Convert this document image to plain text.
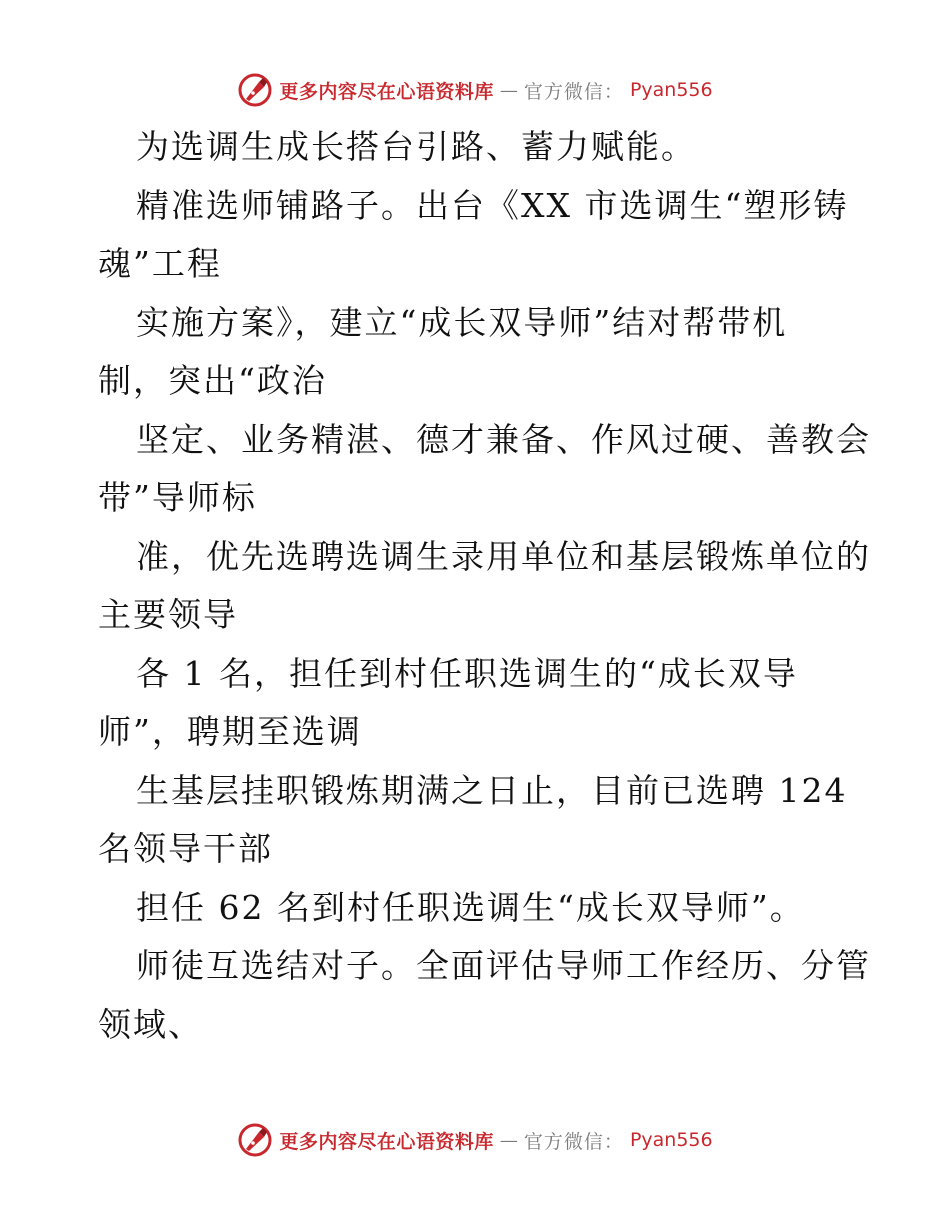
更多内容尽在心语资料库 — 官方微信： Pyan556
为选调生成长搭台引路、蓄力赋能。
精准选师铺路子。出台《XX 市选调生“塑形铸
魂”工程
实施方案》，建立“成长双导师”结对帮带机
制，突出“政治
坚定、业务精湛、德才兼备、作风过硬、善教会
带”导师标
准，优先选聘选调生录用单位和基层锻炼单位的
主要领导
各 1 名，担任到村任职选调生的“成长双导
师”，聘期至选调
生基层挂职锻炼期满之日止，目前已选聘 124
名领导干部
担任 62 名到村任职选调生“成长双导师”。
师徒互选结对子。全面评估导师工作经历、分管
领域、
更多内容尽在心语资料库 — 官方微信： Pyan556
